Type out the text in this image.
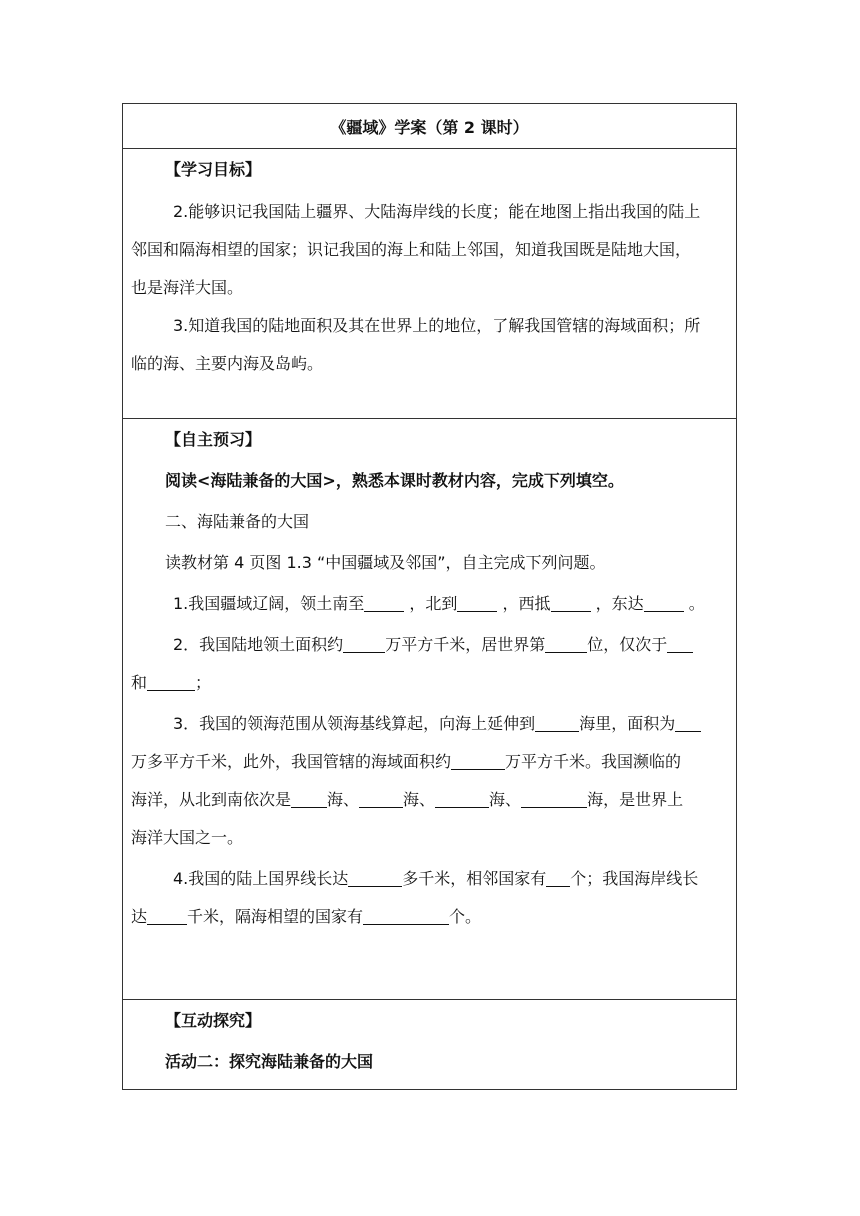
《疆域》学案（第 2 课时）
【学习目标】
2.能够识记我国陆上疆界、大陆海岸线的长度；能在地图上指出我国的陆上
邻国和隔海相望的国家；识记我国的海上和陆上邻国，知道我国既是陆地大国，
也是海洋大国。
3.知道我国的陆地面积及其在世界上的地位，了解我国管辖的海域面积；所
临的海、主要内海及岛屿。
【自主预习】
阅读<海陆兼备的大国>，熟悉本课时教材内容，完成下列填空。
二、海陆兼备的大国
读教材第 4 页图 1.3 “中国疆域及邻国”，自主完成下列问题。
1.我国疆域辽阔，领土南至	，北到	，西抵	，东达	。
2．我国陆地领土面积约	万平方千米，居世界第	位，仅次于
和	；
3．我国的领海范围从领海基线算起，向海上延伸到	海里，面积为
万多平方千米，此外，我国管辖的海域面积约	万平方千米。我国濒临的
海洋，从北到南依次是 海、	海、	海、	海，是世界上
海洋大国之一。
4.我国的陆上国界线长达	多千米，相邻国家有 个；我国海岸线长
达	千米，隔海相望的国家有	个。
【互动探究】
活动二：探究海陆兼备的大国
